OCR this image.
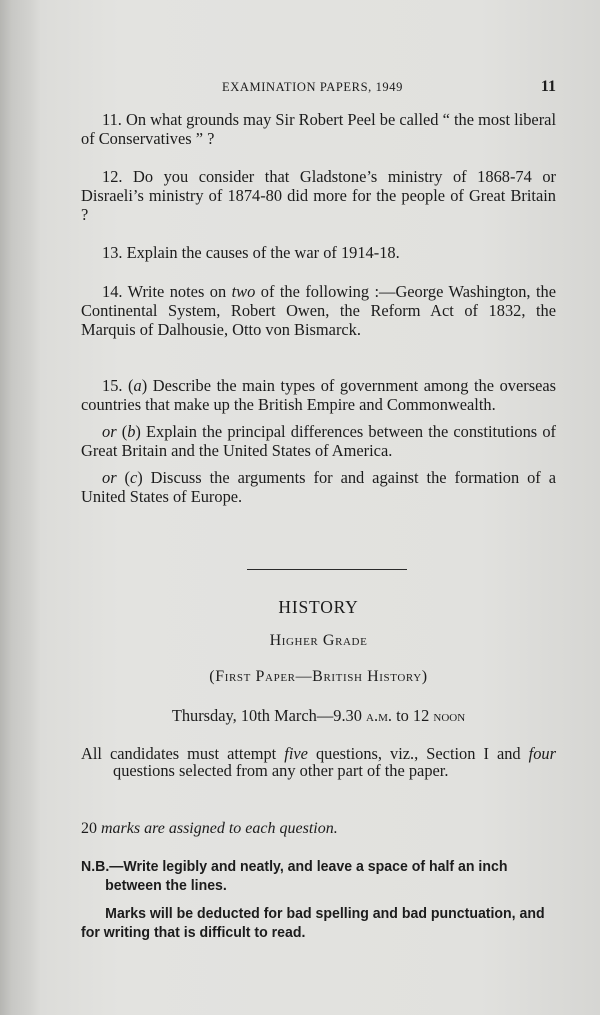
EXAMINATION PAPERS, 1949	11

11. On what grounds may Sir Robert Peel be called “ the most liberal of Conservatives ” ?

12. Do you consider that Gladstone’s ministry of 1868-74 or Disraeli’s ministry of 1874-80 did more for the people of Great Britain ?

13. Explain the causes of the war of 1914-18.

14. Write notes on two of the following :—George Washington, the Continental System, Robert Owen, the Reform Act of 1832, the Marquis of Dalhousie, Otto von Bismarck.

15. (a) Describe the main types of government among the overseas countries that make up the British Empire and Commonwealth.

or (b) Explain the principal differences between the constitutions of Great Britain and the United States of America.

or (c) Discuss the arguments for and against the formation of a United States of Europe.

HISTORY
Higher Grade
(First Paper—British History)
Thursday, 10th March—9.30 a.m. to 12 noon
All candidates must attempt five questions, viz., Section I and four questions selected from any other part of the paper.
20 marks are assigned to each question.
N.B.—Write legibly and neatly, and leave a space of half an inch between the lines.
Marks will be deducted for bad spelling and bad punctuation, and for writing that is difficult to read.
